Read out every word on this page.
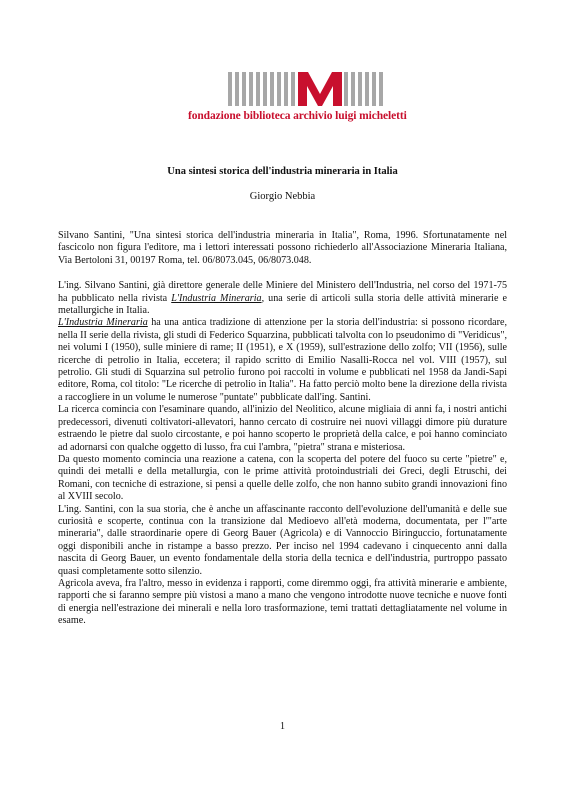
fondazione biblioteca archivio luigi micheletti
Una sintesi storica dell'industria mineraria in Italia
Giorgio Nebbia

Silvano Santini, "Una sintesi storica dell'industria mineraria in Italia", Roma, 1996. Sfortunatamente nel fascicolo non figura l'editore, ma i lettori interessati possono richiederlo all'Associazione Mineraria Italiana, Via Bertoloni 31, 00197 Roma, tel. 06/8073.045, 06/8073.048.

L'ing. Silvano Santini, già direttore generale delle Miniere del Ministero dell'Industria, nel corso del 1971-75 ha pubblicato nella rivista L'Industria Mineraria, una serie di articoli sulla storia delle attività minerarie e metallurgiche in Italia.

L'Industria Mineraria ha una antica tradizione di attenzione per la storia dell'industria: si possono ricordare, nella II serie della rivista, gli studi di Federico Squarzina, pubblicati talvolta con lo pseudonimo di "Veridicus", nei volumi I (1950), sulle miniere di rame; II (1951), e X (1959), sull'estrazione dello zolfo; VII (1956), sulle ricerche di petrolio in Italia, eccetera; il rapido scritto di Emilio Nasalli-Rocca nel vol. VIII (1957), sul petrolio. Gli studi di Squarzina sul petrolio furono poi raccolti in volume e pubblicati nel 1958 da Jandi-Sapi editore, Roma, col titolo: "Le ricerche di petrolio in Italia". Ha fatto perciò molto bene la direzione della rivista a raccogliere in un volume le numerose "puntate" pubblicate dall'ing. Santini.

La ricerca comincia con l'esaminare quando, all'inizio del Neolitico, alcune migliaia di anni fa, i nostri antichi predecessori, divenuti coltivatori-allevatori, hanno cercato di costruire nei nuovi villaggi dimore più durature estraendo le pietre dal suolo circostante, e poi hanno scoperto le proprietà della calce, e poi hanno cominciato ad adornarsi con qualche oggetto di lusso, fra cui l'ambra, "pietra" strana e misteriosa.

Da questo momento comincia una reazione a catena, con la scoperta del potere del fuoco su certe "pietre" e, quindi dei metalli e della metallurgia, con le prime attività protoindustriali dei Greci, degli Etruschi, dei Romani, con tecniche di estrazione, si pensi a quelle delle zolfo, che non hanno subito grandi innovazioni fino al XVIII secolo.

L'ing. Santini, con la sua storia, che è anche un affascinante racconto dell'evoluzione dell'umanità e delle sue curiosità e scoperte, continua con la transizione dal Medioevo all'età moderna, documentata, per l'"arte mineraria", dalle straordinarie opere di Georg Bauer (Agricola) e di Vannoccio Biringuccio, fortunatamente oggi disponibili anche in ristampe a basso prezzo. Per inciso nel 1994 cadevano i cinquecento anni dalla nascita di Georg Bauer, un evento fondamentale della storia della tecnica e dell'industria, purtroppo passato quasi completamente sotto silenzio.

Agricola aveva, fra l'altro, messo in evidenza i rapporti, come diremmo oggi, fra attività minerarie e ambiente, rapporti che si faranno sempre più vistosi a mano a mano che vengono introdotte nuove tecniche e nuove fonti di energia nell'estrazione dei minerali e nella loro trasformazione, temi trattati dettagliatamente nel volume in esame.

1
